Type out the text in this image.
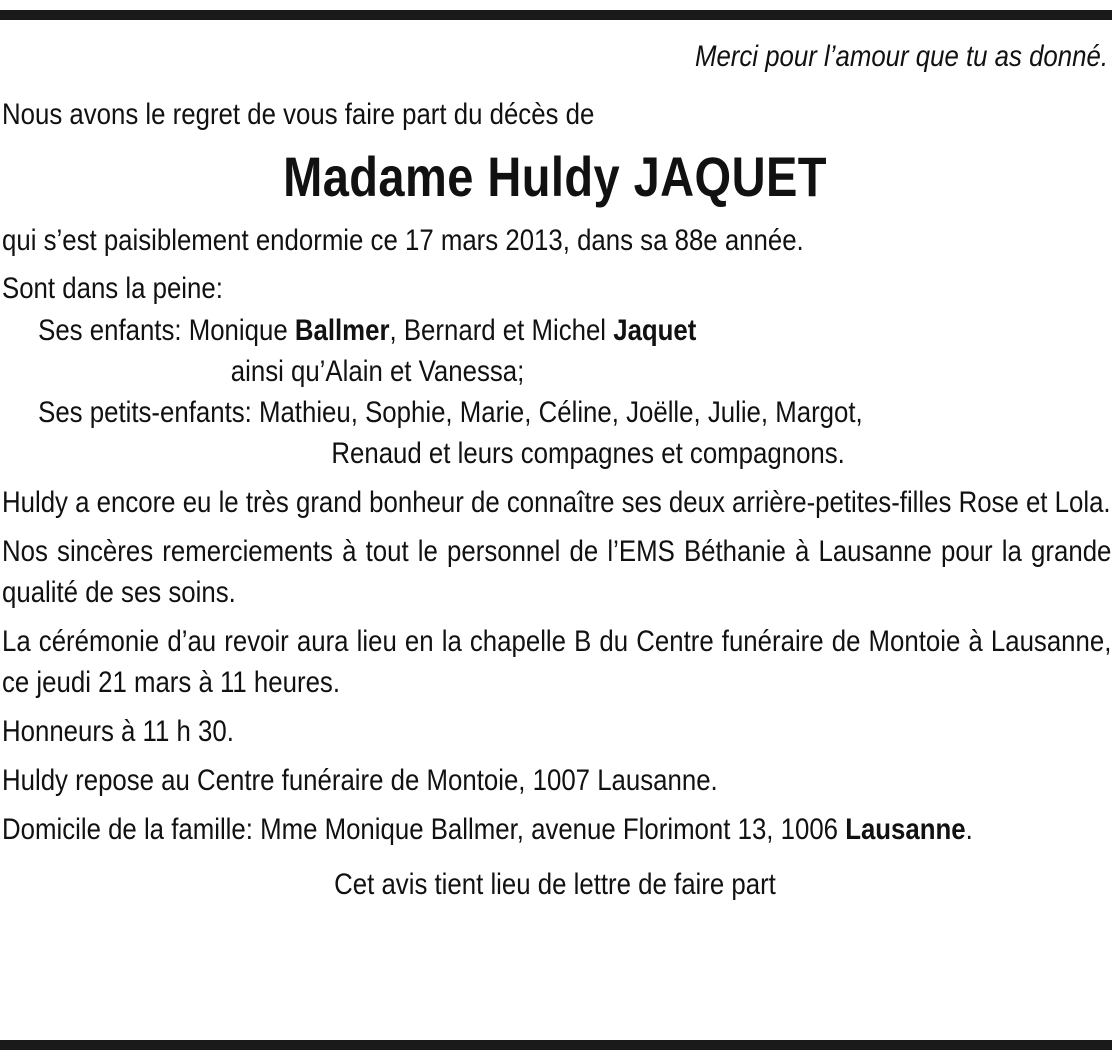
Merci pour l’amour que tu as donné.
Nous avons le regret de vous faire part du décès de
Madame Huldy JAQUET
qui s’est paisiblement endormie ce 17 mars 2013, dans sa 88e année.
Sont dans la peine:
Ses enfants: Monique Ballmer, Bernard et Michel Jaquet
ainsi qu’Alain et Vanessa;
Ses petits-enfants: Mathieu, Sophie, Marie, Céline, Joëlle, Julie, Margot,
Renaud et leurs compagnes et compagnons.
Huldy a encore eu le très grand bonheur de connaître ses deux arrière-petites-filles Rose et Lola.
Nos sincères remerciements à tout le personnel de l’EMS Béthanie à Lausanne pour la grande qualité de ses soins.
La cérémonie d’au revoir aura lieu en la chapelle B du Centre funéraire de Montoie à Lausanne, ce jeudi 21 mars à 11 heures.
Honneurs à 11 h 30.
Huldy repose au Centre funéraire de Montoie, 1007 Lausanne.
Domicile de la famille: Mme Monique Ballmer, avenue Florimont 13, 1006 Lausanne.
Cet avis tient lieu de lettre de faire part
